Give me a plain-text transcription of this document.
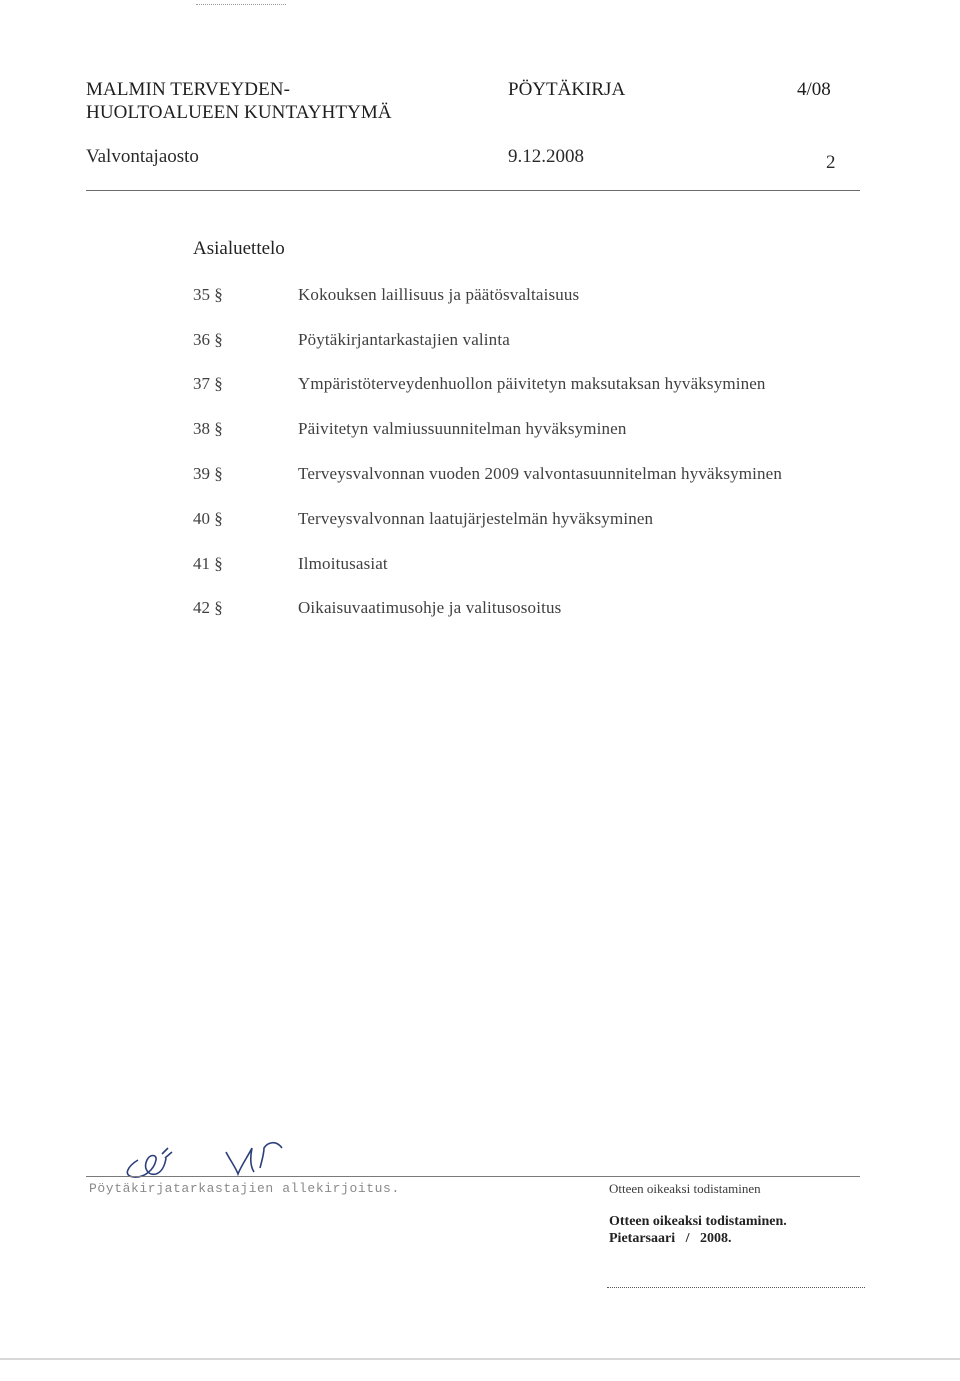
MALMIN TERVEYDEN-
HUOLTOALUEEN KUNTAYHTYMÄ
PÖYTÄKIRJA	4/08
Valvontajaosto	9.12.2008	2
Asialuettelo
35 §	Kokouksen laillisuus ja päätösvaltaisuus
36 §	Pöytäkirjantarkastajien valinta
37 §	Ympäristöterveydenhuollon päivitetyn maksutaksan hyväksyminen
38 §	Päivitetyn valmiussuunnitelman hyväksyminen
39 §	Terveysvalvonnan vuoden 2009 valvontasuunnitelman hyväksyminen
40 §	Terveysvalvonnan laatujärjestelmän hyväksyminen
41 §	Ilmoitusasiat
42 §	Oikaisuvaatimusohje ja valitusosoitus
Pöytäkirjatarkastajien allekirjoitus.	Otteen oikeaksi todistaminen
Otteen oikeaksi todistaminen.
Pietarsaari   /   2008.
